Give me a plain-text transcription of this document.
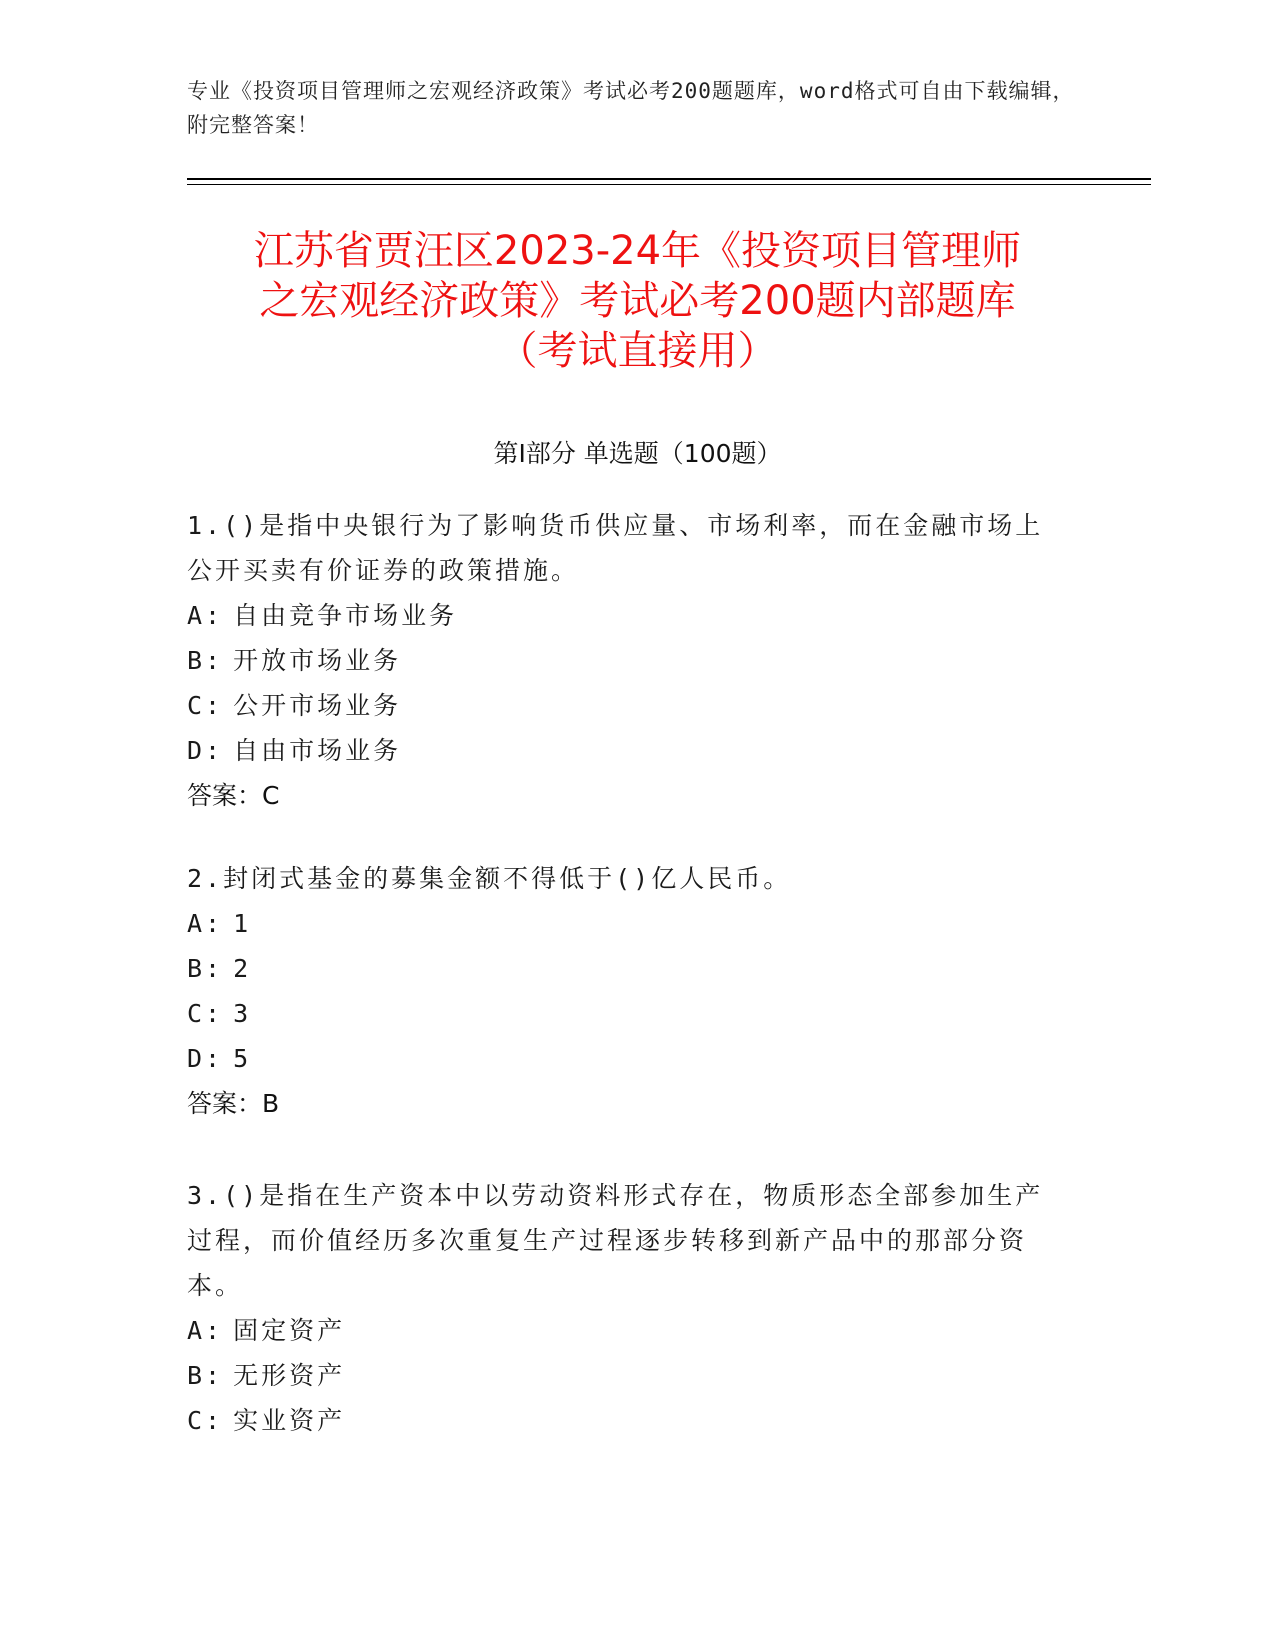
专业《投资项目管理师之宏观经济政策》考试必考200题题库，word格式可自由下载编辑，附完整答案！
江苏省贾汪区2023-24年《投资项目管理师
之宏观经济政策》考试必考200题内部题库
（考试直接用）
第Ⅰ部分 单选题（100题）

1.()是指中央银行为了影响货币供应量、市场利率，而在金融市场上公开买卖有价证券的政策措施。

A: 自由竞争市场业务

B: 开放市场业务

C: 公开市场业务

D: 自由市场业务

答案：C

2.封闭式基金的募集金额不得低于()亿人民币。

A: 1

B: 2

C: 3

D: 5

答案：B

3.()是指在生产资本中以劳动资料形式存在，物质形态全部参加生产过程，而价值经历多次重复生产过程逐步转移到新产品中的那部分资本。

A: 固定资产

B: 无形资产

C: 实业资产
